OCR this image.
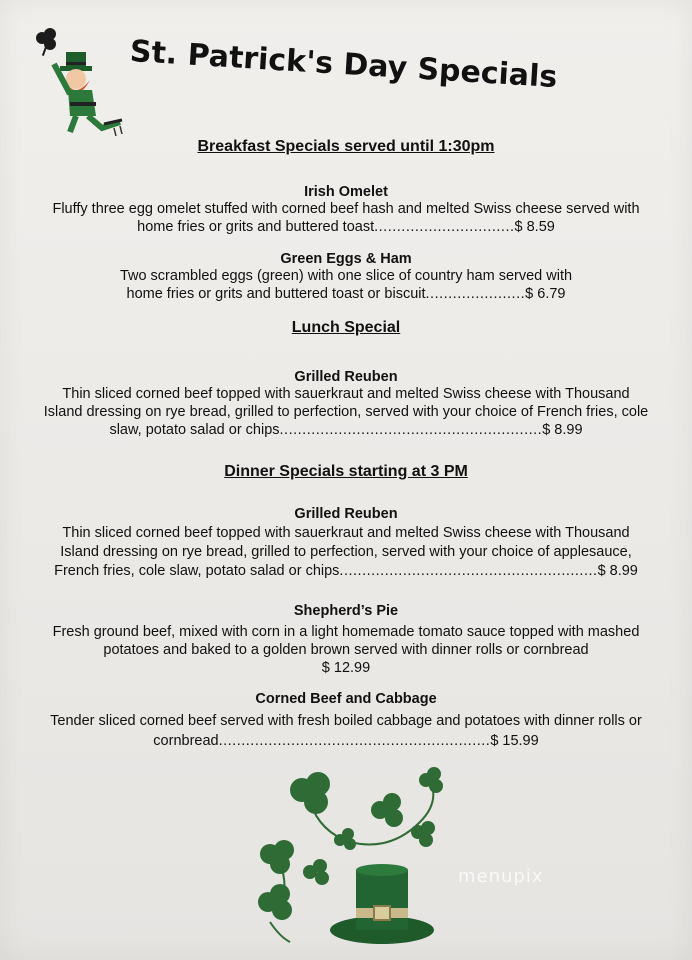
St. Patrick's Day Specials

Breakfast Specials served until 1:30pm

Irish Omelet

Fluffy three egg omelet stuffed with corned beef hash and melted Swiss cheese served with

home fries or grits and buttered toast...............................$ 8.59

Green Eggs & Ham

Two scrambled eggs (green) with one slice of country ham served with

home fries or grits and buttered toast or biscuit......................$ 6.79

Lunch Special

Grilled Reuben

Thin sliced corned beef topped with sauerkraut and melted Swiss cheese with Thousand

Island dressing on rye bread, grilled to perfection, served with your choice of French fries, cole

slaw, potato salad or chips..........................................................$ 8.99

Dinner Specials starting at 3 PM

Grilled Reuben

Thin sliced corned beef topped with sauerkraut and melted Swiss cheese with Thousand

Island dressing on rye bread, grilled to perfection, served with your choice of applesauce,

French fries, cole slaw, potato salad or chips.........................................................$ 8.99

Shepherd’s Pie

Fresh ground beef, mixed with corn in a light homemade tomato sauce topped with mashed

potatoes and baked to a golden brown served with dinner rolls or cornbread

$ 12.99

Corned Beef and Cabbage

Tender sliced corned beef served with fresh boiled cabbage and potatoes with dinner rolls or

cornbread............................................................$ 15.99

menupix
